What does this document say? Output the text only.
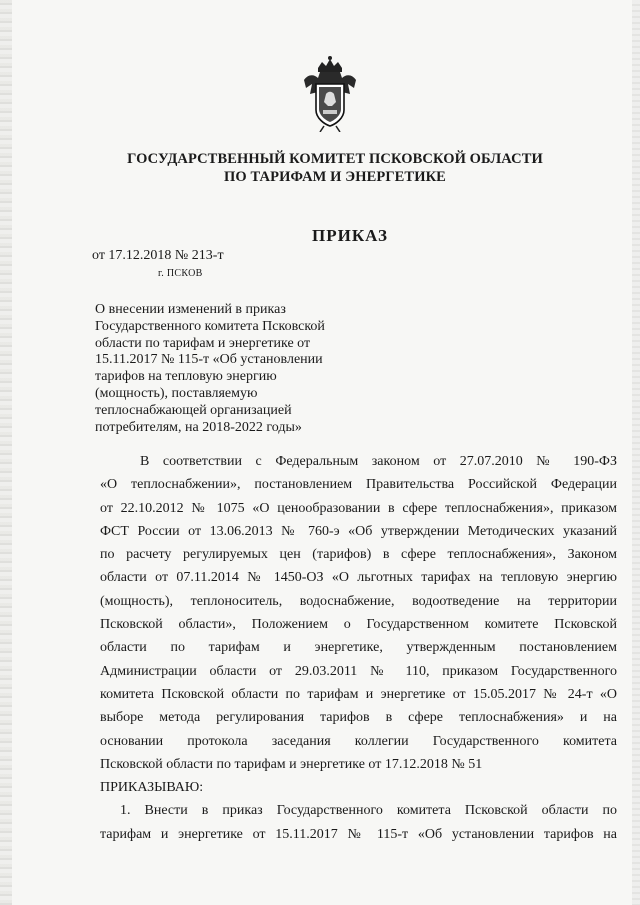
ГОСУДАРСТВЕННЫЙ КОМИТЕТ ПСКОВСКОЙ ОБЛАСТИ
ПО ТАРИФАМ И ЭНЕРГЕТИКЕ
ПРИКАЗ
от 17.12.2018 № 213-т
г. ПСКОВ
О внесении изменений в приказ
Государственного комитета Псковской
области по тарифам и энергетике от
15.11.2017 № 115-т «Об установлении
тарифов на тепловую энергию
(мощность), поставляемую
теплоснабжающей организацией
потребителям, на 2018-2022 годы»
В соответствии с Федеральным законом от 27.07.2010 № 190-ФЗ
«О теплоснабжении», постановлением Правительства Российской Федерации
от 22.10.2012 № 1075 «О ценообразовании в сфере теплоснабжения», приказом
ФСТ России от 13.06.2013 № 760-э «Об утверждении Методических указаний
по расчету регулируемых цен (тарифов) в сфере теплоснабжения», Законом
области от 07.11.2014 № 1450-ОЗ «О льготных тарифах на тепловую энергию
(мощность), теплоноситель, водоснабжение, водоотведение на территории
Псковской области», Положением о Государственном комитете Псковской
области по тарифам и энергетике, утвержденным постановлением
Администрации области от 29.03.2011 № 110, приказом Государственного
комитета Псковской области по тарифам и энергетике от 15.05.2017 № 24-т «О
выборе метода регулирования тарифов в сфере теплоснабжения» и на
основании протокола заседания коллегии Государственного комитета
Псковской области по тарифам и энергетике от 17.12.2018 № 51
ПРИКАЗЫВАЮ:
1. Внести в приказ Государственного комитета Псковской области по
тарифам и энергетике от 15.11.2017 № 115-т «Об установлении тарифов на
